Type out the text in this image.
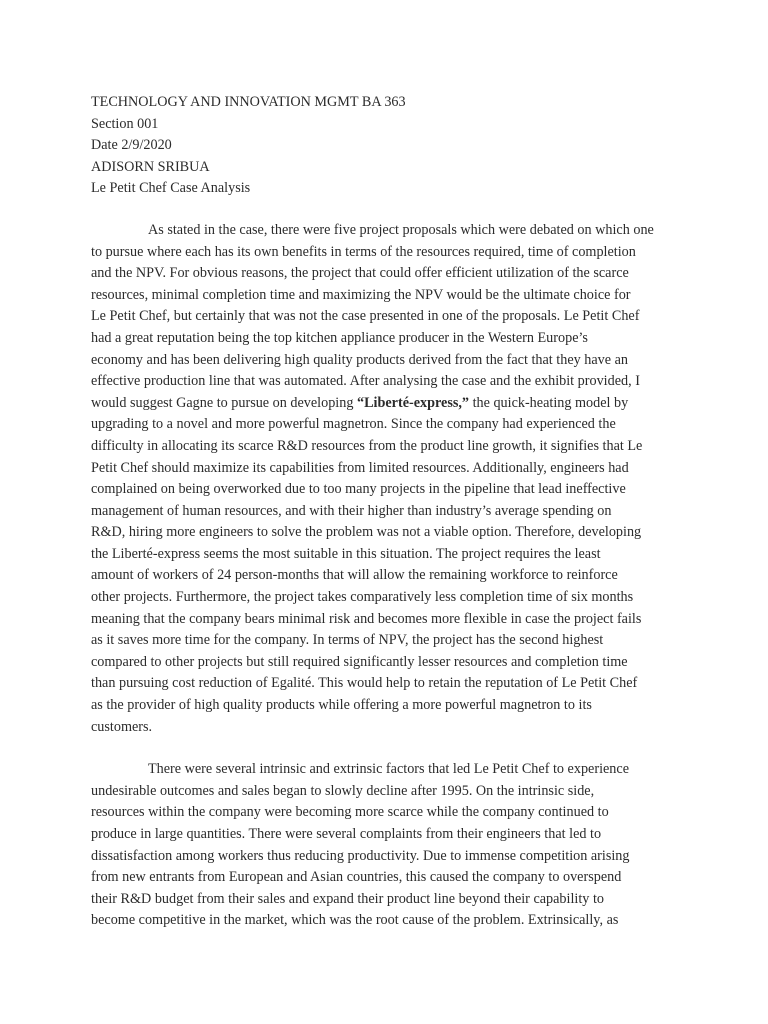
TECHNOLOGY AND INNOVATION MGMT BA 363

Section 001

Date 2/9/2020

ADISORN SRIBUA

Le Petit Chef Case Analysis

As stated in the case, there were five project proposals which were debated on which one
to pursue where each has its own benefits in terms of the resources required, time of completion
and the NPV. For obvious reasons, the project that could offer efficient utilization of the scarce
resources, minimal completion time and maximizing the NPV would be the ultimate choice for
Le Petit Chef, but certainly that was not the case presented in one of the proposals. Le Petit Chef
had a great reputation being the top kitchen appliance producer in the Western Europe’s
economy and has been delivering high quality products derived from the fact that they have an
effective production line that was automated. After analysing the case and the exhibit provided, I
would suggest Gagne to pursue on developing “Liberté-express,” the quick-heating model by
upgrading to a novel and more powerful magnetron. Since the company had experienced the
difficulty in allocating its scarce R&D resources from the product line growth, it signifies that Le
Petit Chef should maximize its capabilities from limited resources. Additionally, engineers had
complained on being overworked due to too many projects in the pipeline that lead ineffective
management of human resources, and with their higher than industry’s average spending on
R&D, hiring more engineers to solve the problem was not a viable option. Therefore, developing
the Liberté-express seems the most suitable in this situation. The project requires the least
amount of workers of 24 person-months that will allow the remaining workforce to reinforce
other projects. Furthermore, the project takes comparatively less completion time of six months
meaning that the company bears minimal risk and becomes more flexible in case the project fails
as it saves more time for the company. In terms of NPV, the project has the second highest
compared to other projects but still required significantly lesser resources and completion time
than pursuing cost reduction of Egalité. This would help to retain the reputation of Le Petit Chef
as the provider of high quality products while offering a more powerful magnetron to its
customers.

There were several intrinsic and extrinsic factors that led Le Petit Chef to experience
undesirable outcomes and sales began to slowly decline after 1995. On the intrinsic side,
resources within the company were becoming more scarce while the company continued to
produce in large quantities. There were several complaints from their engineers that led to
dissatisfaction among workers thus reducing productivity. Due to immense competition arising
from new entrants from European and Asian countries, this caused the company to overspend
their R&D budget from their sales and expand their product line beyond their capability to
become competitive in the market, which was the root cause of the problem. Extrinsically, as
